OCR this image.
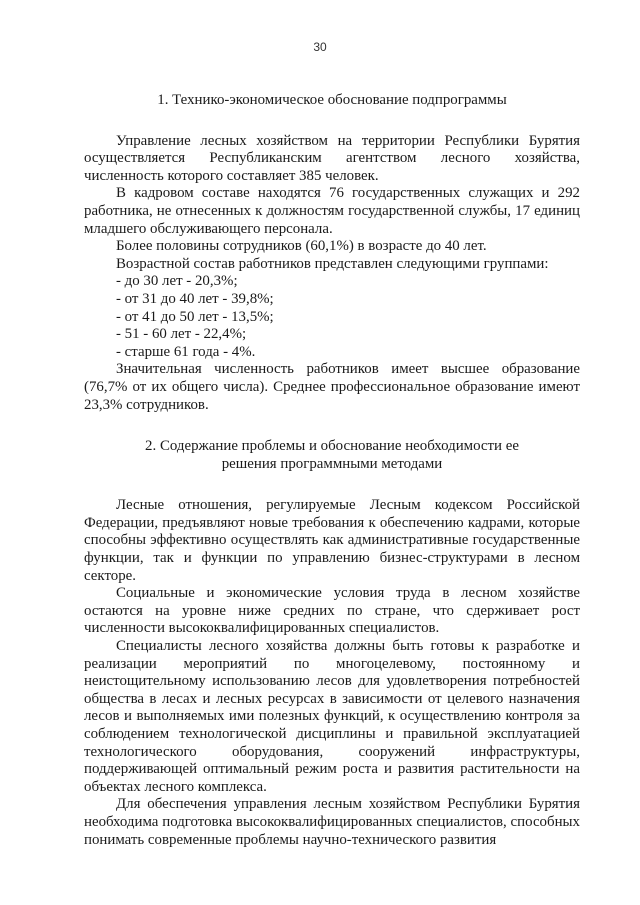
30

1. Технико-экономическое обоснование подпрограммы

Управление лесных хозяйством на территории Республики Бурятия осуществляется Республиканским агентством лесного хозяйства, численность которого составляет 385 человек.

В кадровом составе находятся 76 государственных служащих и 292 работника, не отнесенных к должностям государственной службы, 17 единиц младшего обслуживающего персонала.

Более половины сотрудников (60,1%) в возрасте до 40 лет.

Возрастной состав работников представлен следующими группами:

- до 30 лет - 20,3%;

- от 31 до 40 лет - 39,8%;

- от 41 до 50 лет - 13,5%;

- 51 - 60 лет - 22,4%;

- старше 61 года - 4%.

Значительная численность работников имеет высшее образование (76,7% от их общего числа). Среднее профессиональное образование имеют 23,3% сотрудников.

2. Содержание проблемы и обоснование необходимости ее

решения программными методами

Лесные отношения, регулируемые Лесным кодексом Российской Федерации, предъявляют новые требования к обеспечению кадрами, которые способны эффективно осуществлять как административные государственные функции, так и функции по управлению бизнес-структурами в лесном секторе.

Социальные и экономические условия труда в лесном хозяйстве остаются на уровне ниже средних по стране, что сдерживает рост численности высококвалифицированных специалистов.

Специалисты лесного хозяйства должны быть готовы к разработке и реализации мероприятий по многоцелевому, постоянному и неистощительному использованию лесов для удовлетворения потребностей общества в лесах и лесных ресурсах в зависимости от целевого назначения лесов и выполняемых ими полезных функций, к осуществлению контроля за соблюдением технологической дисциплины и правильной эксплуатацией технологического оборудования, сооружений инфраструктуры, поддерживающей оптимальный режим роста и развития растительности на объектах лесного комплекса.

Для обеспечения управления лесным хозяйством Республики Бурятия необходима подготовка высококвалифицированных специалистов, способных понимать современные проблемы научно-технического развития
